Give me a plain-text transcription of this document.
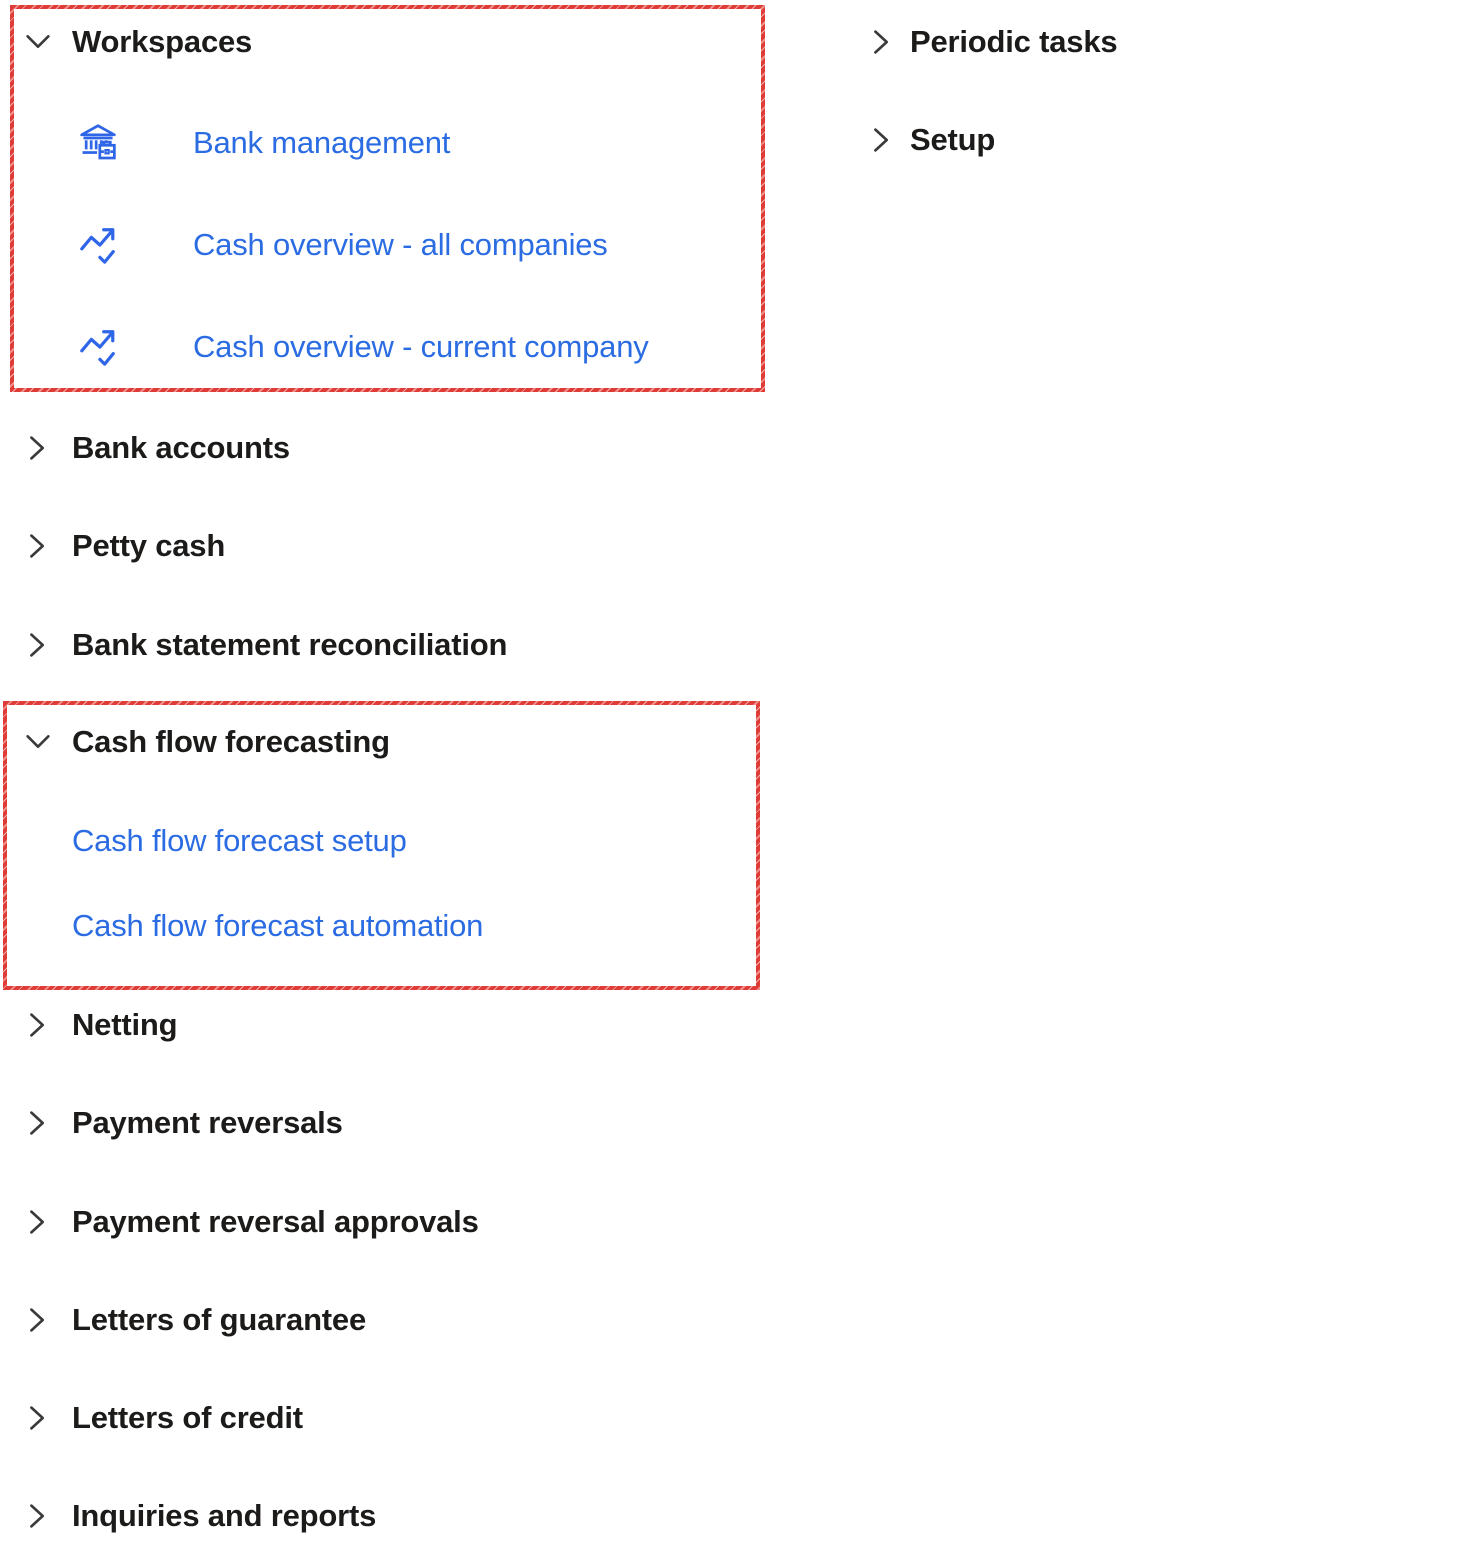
Workspaces
Bank management
Cash overview - all companies
Cash overview - current company
Bank accounts
Petty cash
Bank statement reconciliation
Cash flow forecasting
Cash flow forecast setup
Cash flow forecast automation
Netting
Payment reversals
Payment reversal approvals
Letters of guarantee
Letters of credit
Inquiries and reports
Periodic tasks
Setup
